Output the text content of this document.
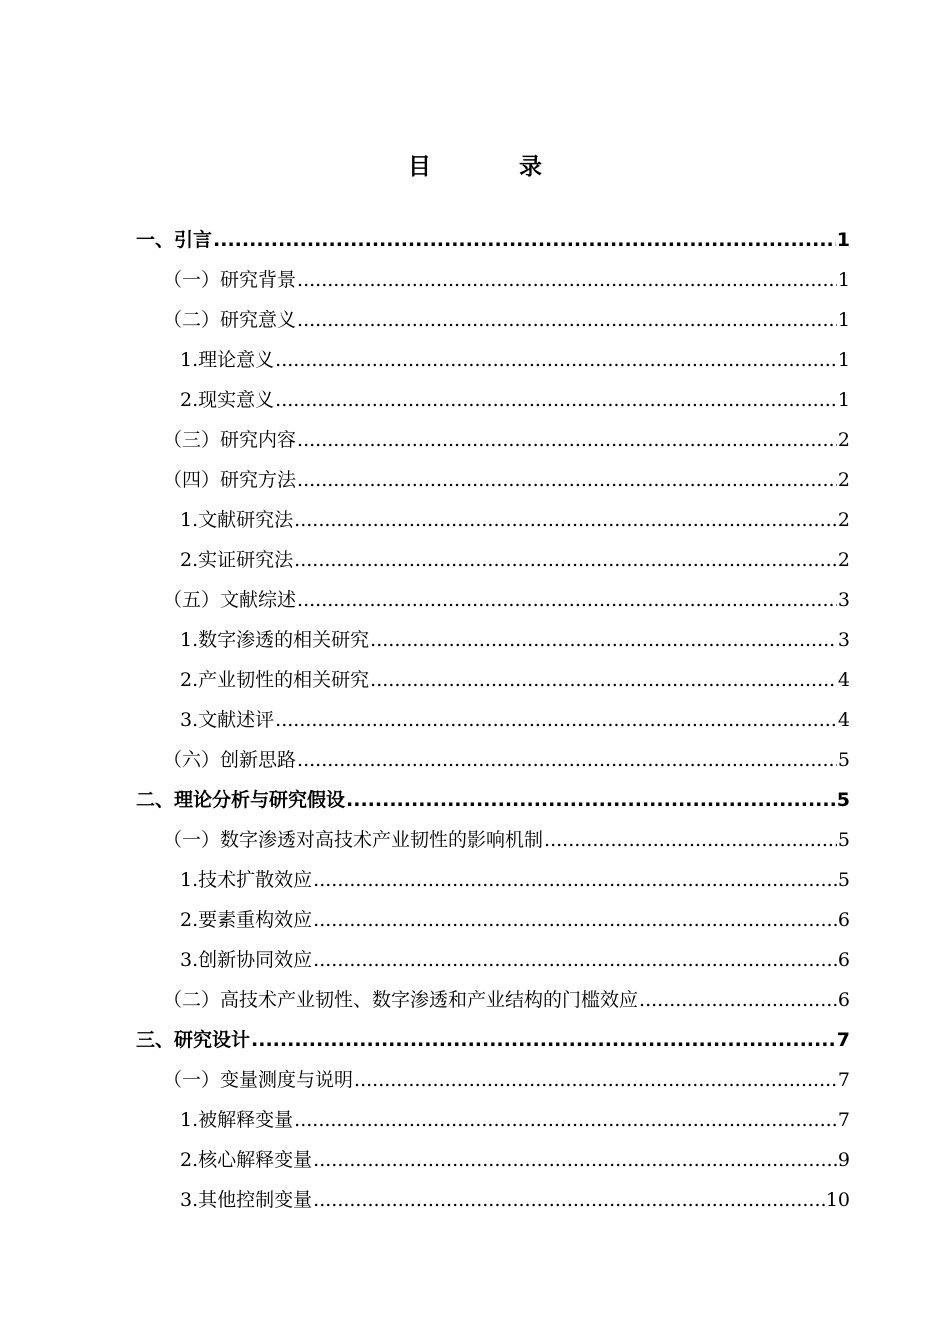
目 录
一、 引言 .....	1
（一） 研究背景 .....	1
（二） 研究意义 .....	1
1. 理论意义 .....	1
2. 现实意义 .....	1
（三） 研究内容 .....	2
（四） 研究方法 .....	2
1. 文献研究法 .....	2
2. 实证研究法 .....	2
（五） 文献综述 .....	3
1. 数字渗透的相关研究 .....	3
2. 产业韧性的相关研究 .....	4
3. 文献述评 .....	4
（六） 创新思路 .....	5
二、 理论分析与研究假设 .....	5
（一） 数字渗透对高技术产业韧性的影响机制 .....	5
1. 技术扩散效应 .....	5
2. 要素重构效应 .....	6
3. 创新协同效应 .....	6
（二） 高技术产业韧性、数字渗透和产业结构的门槛效应 .....	6
三、 研究设计 .....	7
（一） 变量测度与说明 .....	7
1. 被解释变量 .....	7
2. 核心解释变量 .....	9
3. 其他控制变量 .....	10
